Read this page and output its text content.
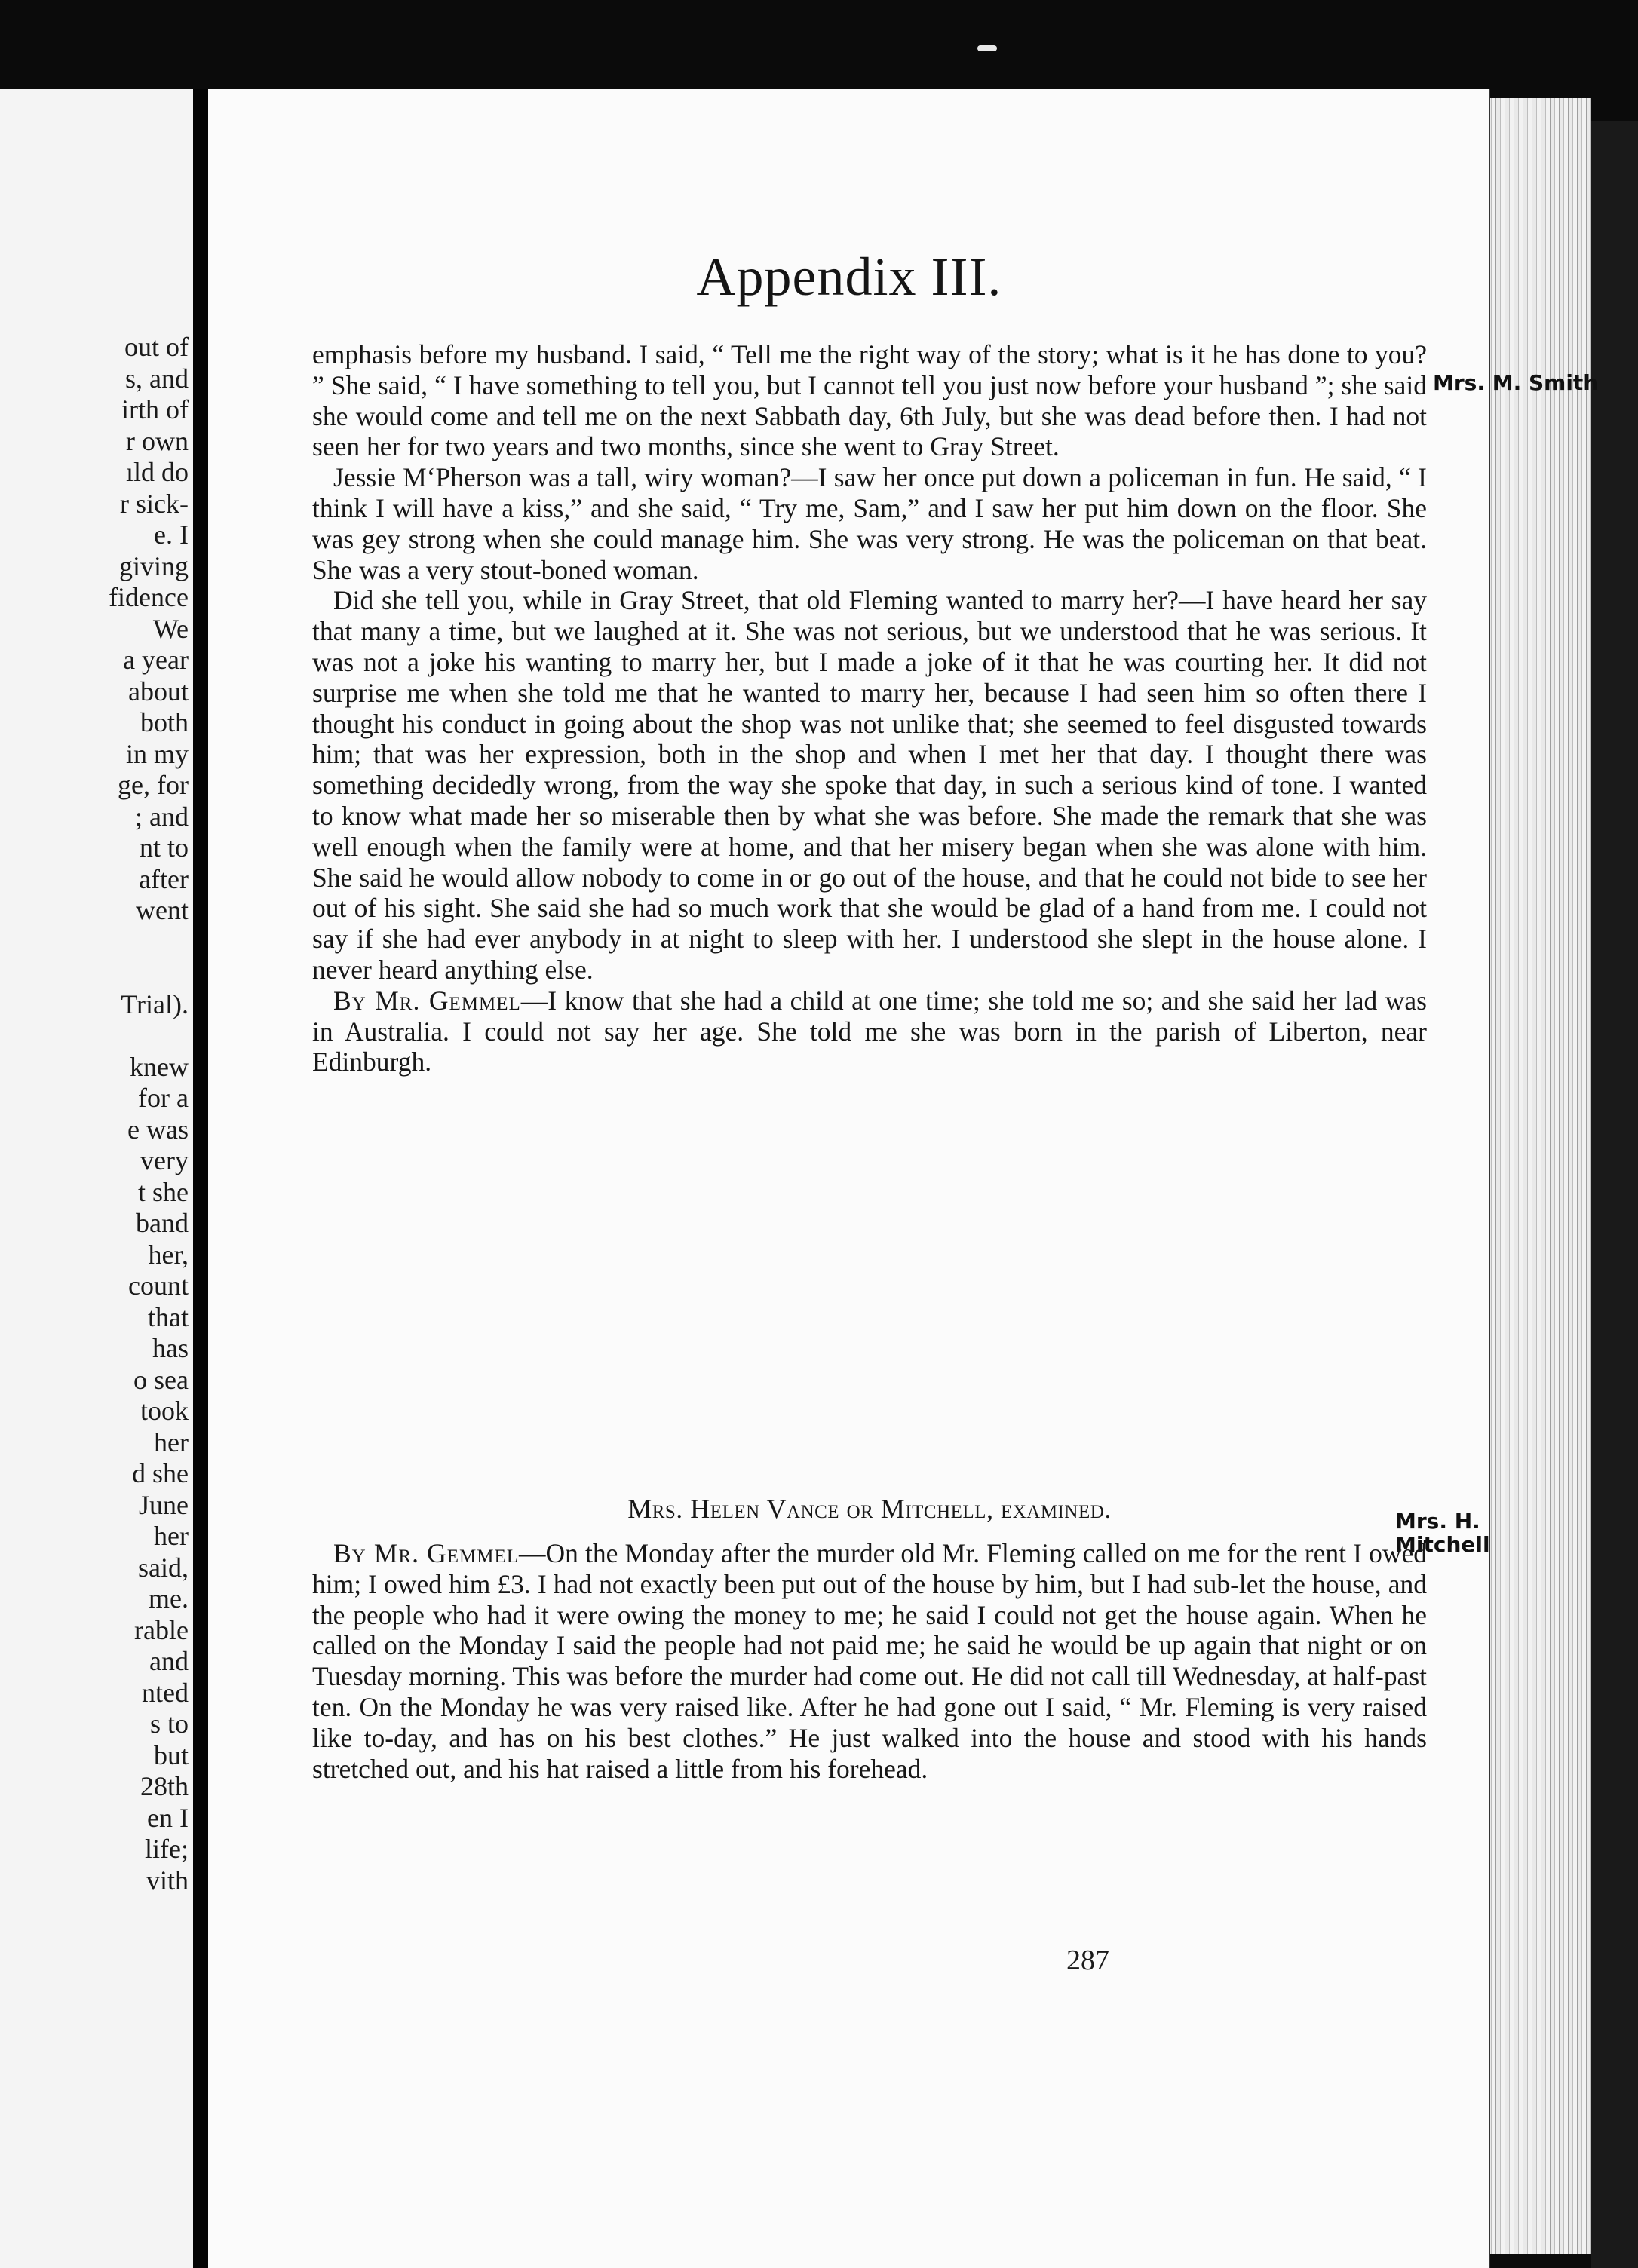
out of
s, and
irth of
r own
ıld do
r sick-
e. I
giving
fidence
We
a year
about
both
in my
ge, for
; and
nt to
after
went
Trial).
knew
for a
e was
very
t she
band
her,
count
that
has
o sea
took
her
d she
June
her
said,
me.
rable
and
nted
s to
but
28th
en I
life;
vith
Appendix III.
Mrs. M. Smith

emphasis before my husband. I said, “ Tell me the right way of the story; what is it he has done to you? ” She said, “ I have something to tell you, but I cannot tell you just now before your husband ”; she said she would come and tell me on the next Sabbath day, 6th July, but she was dead before then. I had not seen her for two years and two months, since she went to Gray Street.

Jessie M‘Pherson was a tall, wiry woman?—I saw her once put down a policeman in fun. He said, “ I think I will have a kiss,” and she said, “ Try me, Sam,” and I saw her put him down on the floor. She was gey strong when she could manage him. She was very strong. He was the policeman on that beat. She was a very stout-boned woman.

Did she tell you, while in Gray Street, that old Fleming wanted to marry her?—I have heard her say that many a time, but we laughed at it. She was not serious, but we understood that he was serious. It was not a joke his wanting to marry her, but I made a joke of it that he was courting her. It did not surprise me when she told me that he wanted to marry her, because I had seen him so often there I thought his conduct in going about the shop was not unlike that; she seemed to feel disgusted towards him; that was her expression, both in the shop and when I met her that day. I thought there was something decidedly wrong, from the way she spoke that day, in such a serious kind of tone. I wanted to know what made her so miserable then by what she was before. She made the remark that she was well enough when the family were at home, and that her misery began when she was alone with him. She said he would allow nobody to come in or go out of the house, and that he could not bide to see her out of his sight. She said she had so much work that she would be glad of a hand from me. I could not say if she had ever anybody in at night to sleep with her. I understood she slept in the house alone. I never heard anything else.

By Mr. Gemmel—I know that she had a child at one time; she told me so; and she said her lad was in Australia. I could not say her age. She told me she was born in the parish of Liberton, near Edinburgh.

Mrs. Helen Vance or Mitchell, examined.	Mrs. H.
Mitchell

By Mr. Gemmel—On the Monday after the murder old Mr. Fleming called on me for the rent I owed him; I owed him £3. I had not exactly been put out of the house by him, but I had sub-let the house, and the people who had it were owing the money to me; he said I could not get the house again. When he called on the Monday I said the people had not paid me; he said he would be up again that night or on Tuesday morning. This was before the murder had come out. He did not call till Wednesday, at half-past ten. On the Monday he was very raised like. After he had gone out I said, “ Mr. Fleming is very raised like to-day, and has on his best clothes.” He just walked into the house and stood with his hands stretched out, and his hat raised a little from his forehead.

287
